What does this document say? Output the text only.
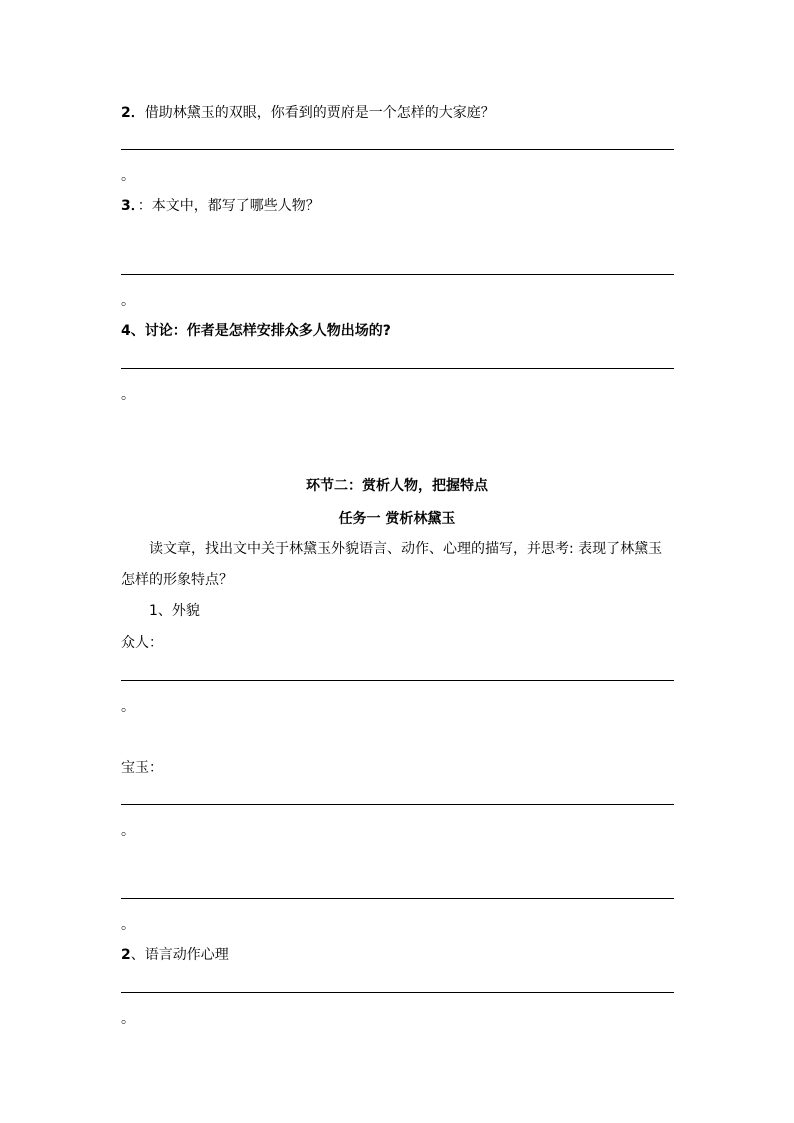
2．借助林黛玉的双眼，你看到的贾府是一个怎样的大家庭？
。
3．：本文中，都写了哪些人物？
。
4、讨论：作者是怎样安排众多人物出场的?
。
环节二：赏析人物，把握特点
任务一 赏析林黛玉
读文章，找出文中关于林黛玉外貌语言、动作、心理的描写，并思考: 表现了林黛玉怎样的形象特点？
1、外貌
众人：
。
宝玉：
。
。
2、语言动作心理
。
